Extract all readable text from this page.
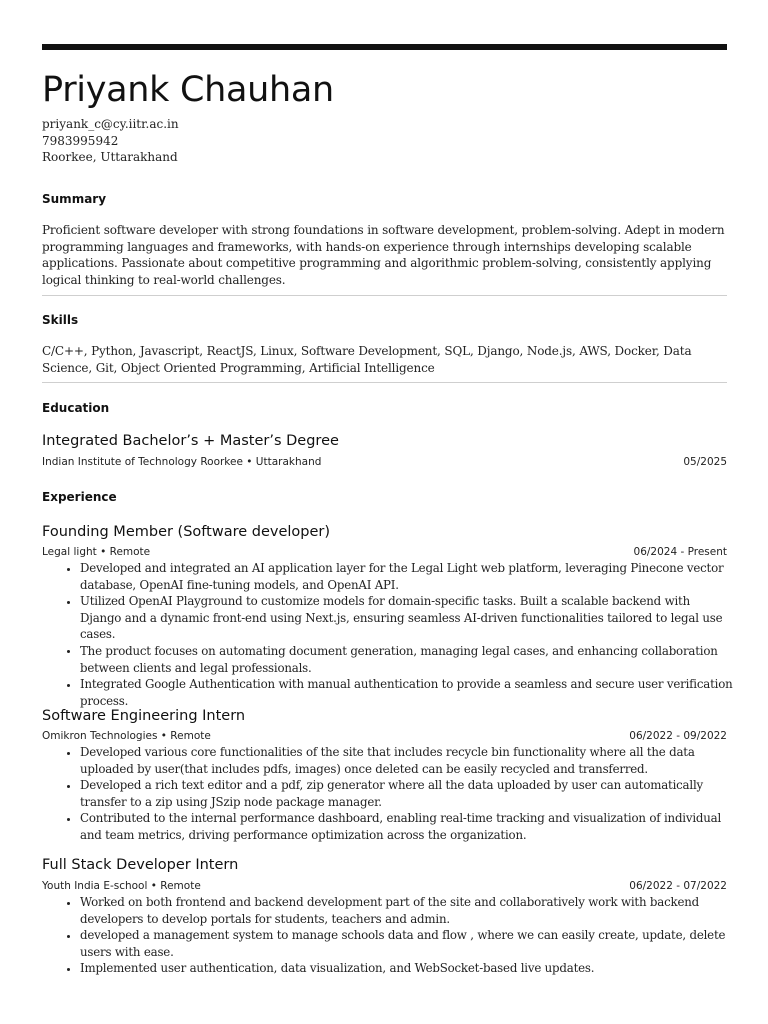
Priyank Chauhan
priyank_c@cy.iitr.ac.in
7983995942
Roorkee, Uttarakhand
Summary

Proficient software developer with strong foundations in software development, problem-solving. Adept in modern programming languages and frameworks, with hands-on experience through internships developing scalable applications. Passionate about competitive programming and algorithmic problem-solving, consistently applying logical thinking to real-world challenges.

Skills

C/C++, Python, Javascript, ReactJS, Linux, Software Development, SQL, Django, Node.js, AWS, Docker, Data Science, Git, Object Oriented Programming, Artificial Intelligence

Education
Integrated Bachelor’s + Master’s Degree
Indian Institute of Technology Roorkee • Uttarakhand	05/2025
Experience
Founding Member (Software developer)
Legal light • Remote	06/2024 - Present
Developed and integrated an AI application layer for the Legal Light web platform, leveraging Pinecone vector database, OpenAI fine-tuning models, and OpenAI API.
Utilized OpenAI Playground to customize models for domain-specific tasks. Built a scalable backend with Django and a dynamic front-end using Next.js, ensuring seamless AI-driven functionalities tailored to legal use cases.
The product focuses on automating document generation, managing legal cases, and enhancing collaboration between clients and legal professionals.
Integrated Google Authentication with manual authentication to provide a seamless and secure user verification process.
Software Engineering Intern
Omikron Technologies • Remote	06/2022 - 09/2022
Developed various core functionalities of the site that includes recycle bin functionality where all the data uploaded by user(that includes pdfs, images) once deleted can be easily recycled and transferred.
Developed a rich text editor and a pdf, zip generator where all the data uploaded by user can automatically transfer to a zip using JSzip node package manager.
Contributed to the internal performance dashboard, enabling real-time tracking and visualization of individual and team metrics, driving performance optimization across the organization.
Full Stack Developer Intern
Youth India E-school • Remote	06/2022 - 07/2022
Worked on both frontend and backend development part of the site and collaboratively work with backend developers to develop portals for students, teachers and admin.
developed a management system to manage schools data and flow , where we can easily create, update, delete users with ease.
Implemented user authentication, data visualization, and WebSocket-based live updates.
